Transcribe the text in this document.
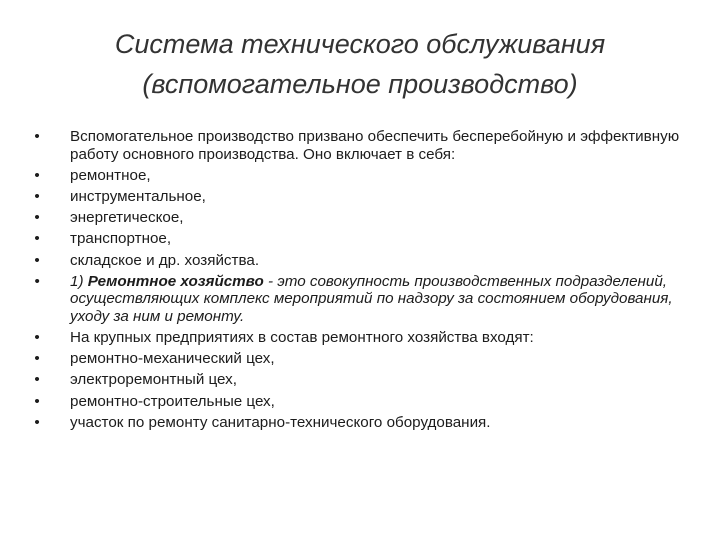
Система технического обслуживания
(вспомогательное производство)
• Вспомогательное производство призвано обеспечить бесперебойную и эффективную работу основного производства. Оно включает в себя:
• ремонтное,
• инструментальное,
• энергетическое,
• транспортное,
• складское и др. хозяйства.
• 1) Ремонтное хозяйство - это совокупность производственных подразделений, осуществляющих комплекс мероприятий по надзору за состоянием оборудования, уходу за ним и ремонту.
• На крупных предприятиях в состав ремонтного хозяйства входят:
• ремонтно-механический цех,
• электроремонтный цех,
• ремонтно-строительные цех,
• участок по ремонту санитарно-технического оборудования.
